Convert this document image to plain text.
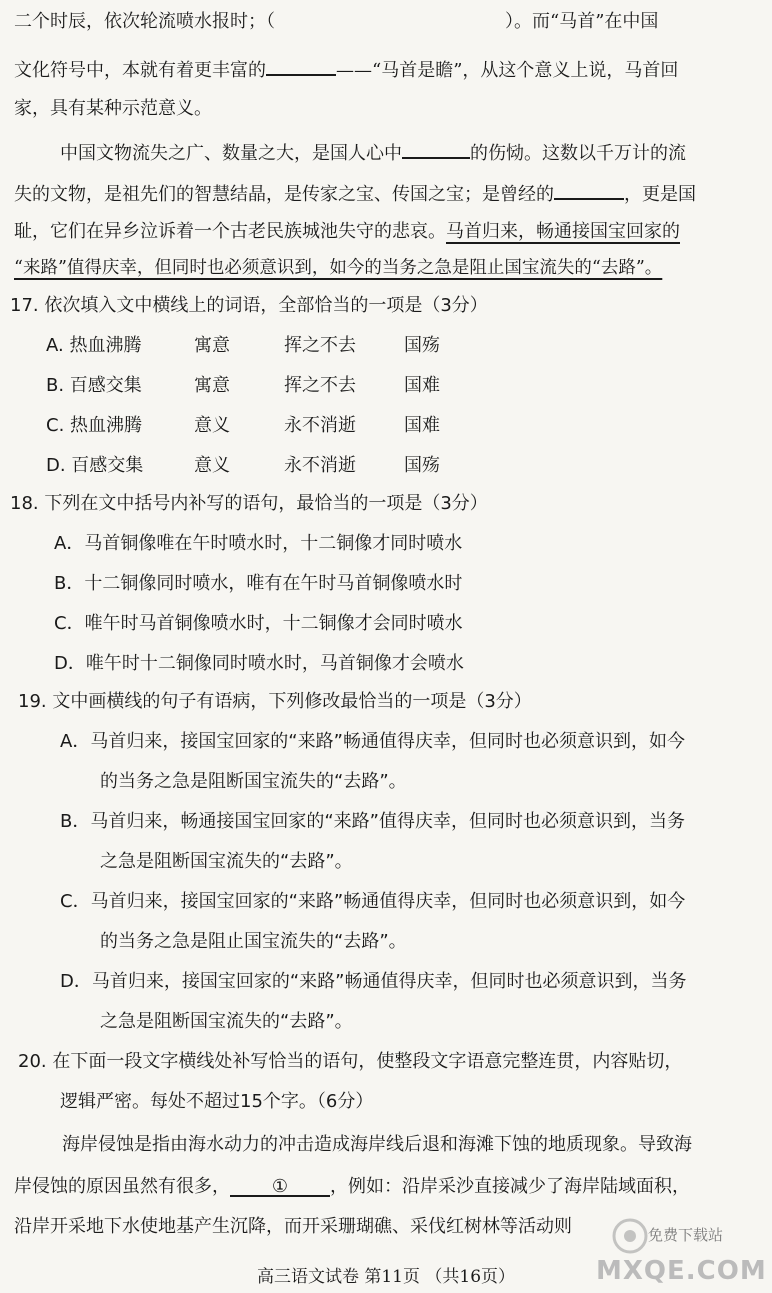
二个时辰，依次轮流喷水报时；（	）。而“马首”在中国
文化符号中，本就有着更丰富的	——“马首是瞻”，从这个意义上说，马首回
家，具有某种示范意义。
中国文物流失之广、数量之大，是国人心中	的伤恸。这数以千万计的流
失的文物，是祖先们的智慧结晶，是传家之宝、传国之宝；是曾经的	，更是国
耻，它们在异乡泣诉着一个古老民族城池失守的悲哀。马首归来，畅通接国宝回家的
“来路”值得庆幸，但同时也必须意识到，如今的当务之急是阻止国宝流失的“去路”。
17. 依次填入文中横线上的词语，全部恰当的一项是（3分）
A. 热血沸腾	寓意	挥之不去	国殇
B. 百感交集	寓意	挥之不去	国难
C. 热血沸腾	意义	永不消逝	国难
D. 百感交集	意义	永不消逝	国殇
18. 下列在文中括号内补写的语句，最恰当的一项是（3分）
A．马首铜像唯在午时喷水时，十二铜像才同时喷水
B．十二铜像同时喷水，唯有在午时马首铜像喷水时
C．唯午时马首铜像喷水时，十二铜像才会同时喷水
D．唯午时十二铜像同时喷水时，马首铜像才会喷水
19. 文中画横线的句子有语病，下列修改最恰当的一项是（3分）
A．马首归来，接国宝回家的“来路”畅通值得庆幸，但同时也必须意识到，如今
的当务之急是阻断国宝流失的“去路”。
B．马首归来，畅通接国宝回家的“来路”值得庆幸，但同时也必须意识到，当务
之急是阻断国宝流失的“去路”。
C．马首归来，接国宝回家的“来路”畅通值得庆幸，但同时也必须意识到，如今
的当务之急是阻止国宝流失的“去路”。
D．马首归来，接国宝回家的“来路”畅通值得庆幸，但同时也必须意识到，当务
之急是阻断国宝流失的“去路”。
20. 在下面一段文字横线处补写恰当的语句，使整段文字语意完整连贯，内容贴切，
逻辑严密。每处不超过15个字。（6分）
海岸侵蚀是指由海水动力的冲击造成海岸线后退和海滩下蚀的地质现象。导致海
岸侵蚀的原因虽然有很多， ① ，例如：沿岸采沙直接减少了海岸陆域面积，
沿岸开采地下水使地基产生沉降，而开采珊瑚礁、采伐红树林等活动则	免费下载站
MXQE.COM
高三语文试卷 第11页 （共16页）
